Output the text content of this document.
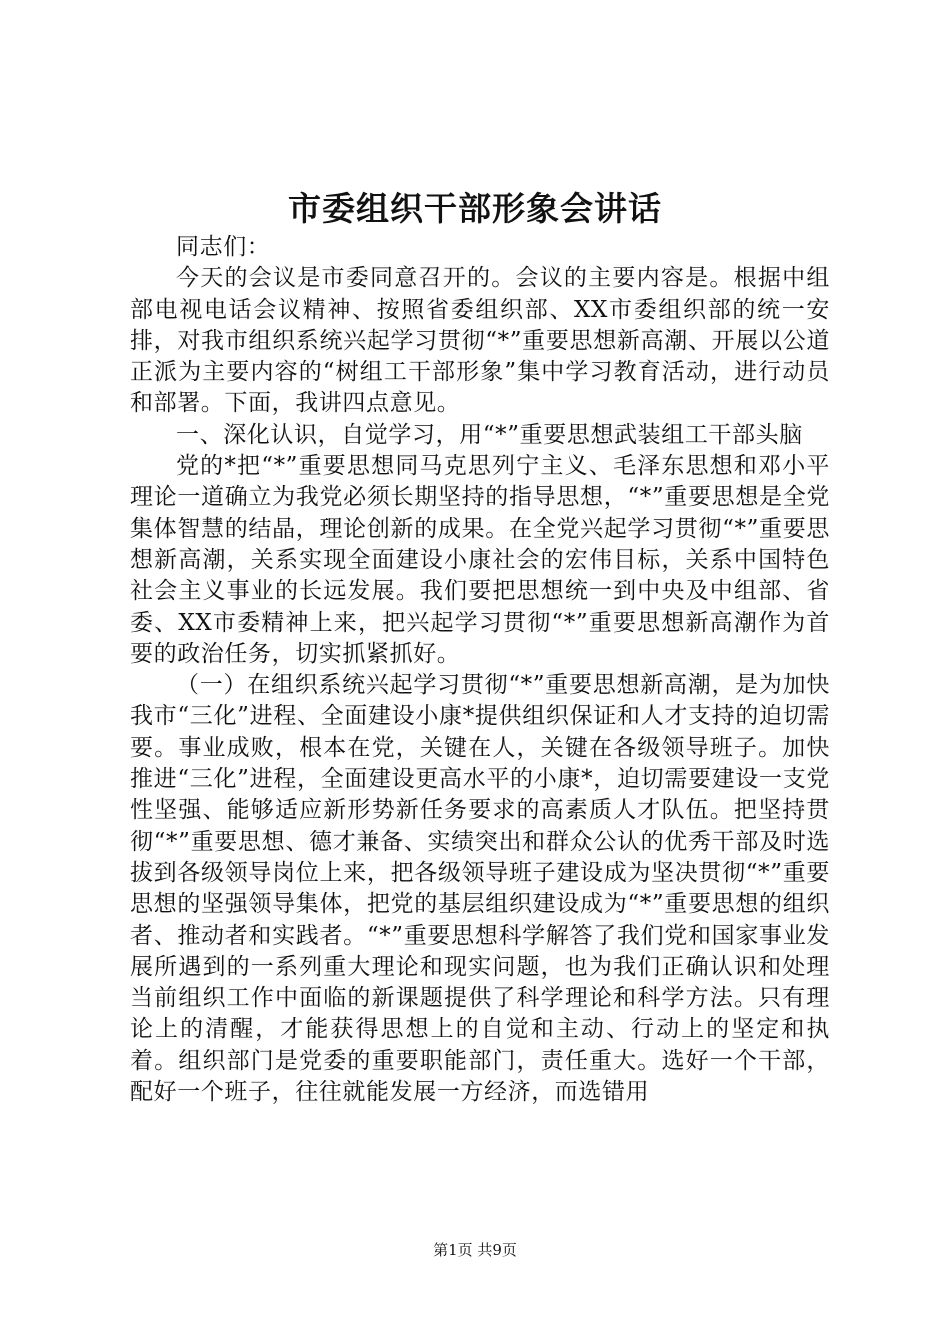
市委组织干部形象会讲话

同志们：

今天的会议是市委同意召开的。会议的主要内容是。根据中组部电视电话会议精神、按照省委组织部、XX市委组织部的统一安排，对我市组织系统兴起学习贯彻“*”重要思想新高潮、开展以公道正派为主要内容的“树组工干部形象”集中学习教育活动，进行动员和部署。下面，我讲四点意见。

一、深化认识，自觉学习，用“*”重要思想武装组工干部头脑

党的*把“*”重要思想同马克思列宁主义、毛泽东思想和邓小平理论一道确立为我党必须长期坚持的指导思想，“*”重要思想是全党集体智慧的结晶，理论创新的成果。在全党兴起学习贯彻“*”重要思想新高潮，关系实现全面建设小康社会的宏伟目标，关系中国特色社会主义事业的长远发展。我们要把思想统一到中央及中组部、省委、XX市委精神上来，把兴起学习贯彻“*”重要思想新高潮作为首要的政治任务，切实抓紧抓好。

（一）在组织系统兴起学习贯彻“*”重要思想新高潮，是为加快我市“三化”进程、全面建设小康*提供组织保证和人才支持的迫切需要。事业成败，根本在党，关键在人，关键在各级领导班子。加快推进“三化”进程，全面建设更高水平的小康*，迫切需要建设一支党性坚强、能够适应新形势新任务要求的高素质人才队伍。把坚持贯彻“*”重要思想、德才兼备、实绩突出和群众公认的优秀干部及时选拔到各级领导岗位上来，把各级领导班子建设成为坚决贯彻“*”重要思想的坚强领导集体，把党的基层组织建设成为“*”重要思想的组织者、推动者和实践者。“*”重要思想科学解答了我们党和国家事业发展所遇到的一系列重大理论和现实问题，也为我们正确认识和处理当前组织工作中面临的新课题提供了科学理论和科学方法。只有理论上的清醒，才能获得思想上的自觉和主动、行动上的坚定和执着。组织部门是党委的重要职能部门，责任重大。选好一个干部，配好一个班子，往往就能发展一方经济，而选错用

第1页 共9页
